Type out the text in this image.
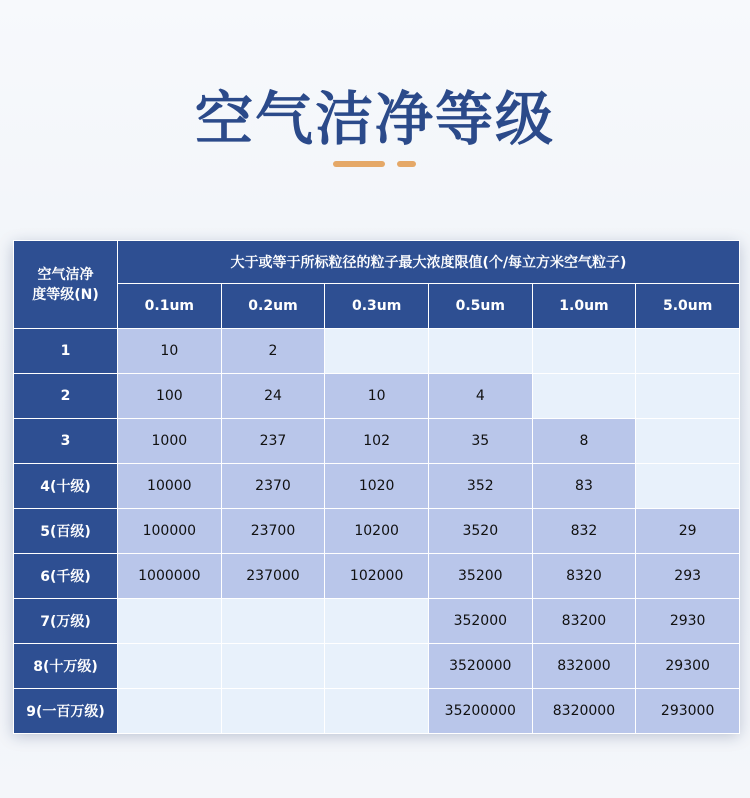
空气洁净等级
空气洁净
度等级(N)	大于或等于所标粒径的粒子最大浓度限值(个/每立方米空气粒子)					
	0.1um	0.2um	0.3um	0.5um	1.0um	5.0um
1	10	2				
2	100	24	10	4		
3	1000	237	102	35	8	
4(十级)	10000	2370	1020	352	83	
5(百级)	100000	23700	10200	3520	832	29
6(千级)	1000000	237000	102000	35200	8320	293
7(万级)				352000	83200	2930
8(十万级)				3520000	832000	29300
9(一百万级)				35200000	8320000	293000
